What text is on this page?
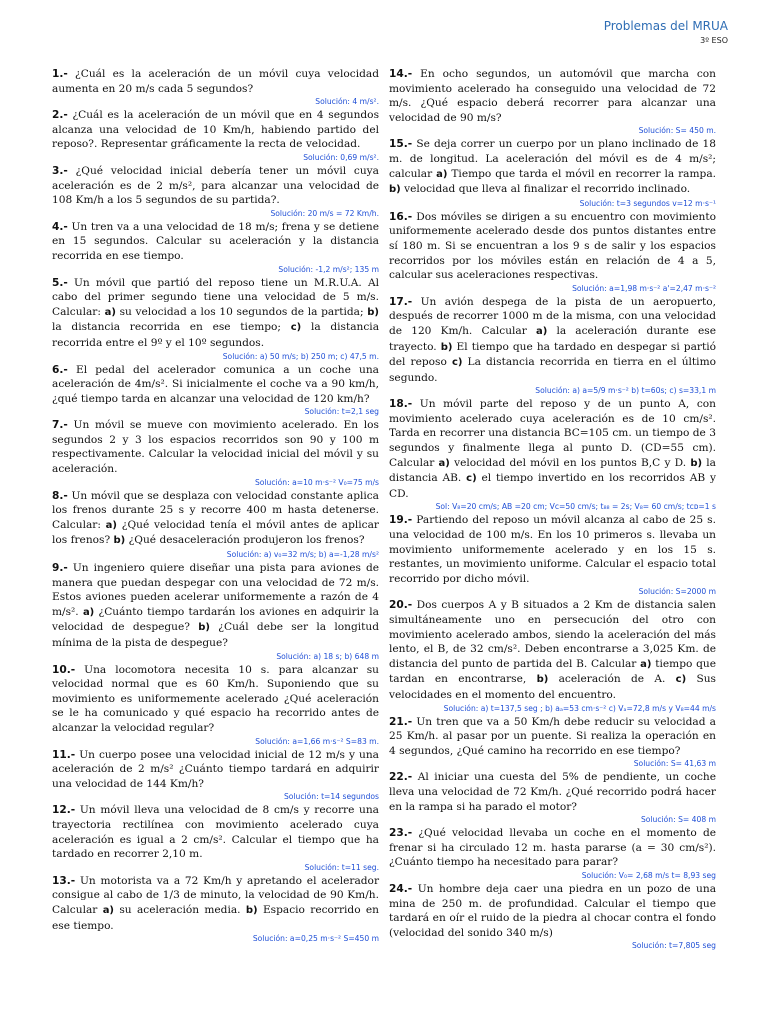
Problemas del MRUA
3º ESO

1.- ¿Cuál es la aceleración de un móvil cuya velocidad aumenta en 20 m/s cada 5 segundos?

Solución: 4 m/s².

2.- ¿Cuál es la aceleración de un móvil que en 4 segundos alcanza una velocidad de 10 Km/h, habiendo partido del reposo?. Representar gráficamente la recta de velocidad.

Solución: 0,69 m/s².

3.- ¿Qué velocidad inicial debería tener un móvil cuya aceleración es de 2 m/s², para alcanzar una velocidad de 108 Km/h a los 5 segundos de su partida?.

Solución: 20 m/s = 72 Km/h.

4.- Un tren va a una velocidad de 18 m/s; frena y se detiene en 15 segundos. Calcular su aceleración y la distancia recorrida en ese tiempo.

Solución: -1,2 m/s²; 135 m

5.- Un móvil que partió del reposo tiene un M.R.U.A. Al cabo del primer segundo tiene una velocidad de 5 m/s. Calcular: a) su velocidad a los 10 segundos de la partida; b) la distancia recorrida en ese tiempo; c) la distancia recorrida entre el 9º y el 10º segundos.

Solución: a) 50 m/s; b) 250 m; c) 47,5 m.

6.- El pedal del acelerador comunica a un coche una aceleración de 4m/s². Si inicialmente el coche va a 90 km/h, ¿qué tiempo tarda en alcanzar una velocidad de 120 km/h?

Solución: t=2,1 seg

7.- Un móvil se mueve con movimiento acelerado. En los segundos 2 y 3 los espacios recorridos son 90 y 100 m respectivamente. Calcular la velocidad inicial del móvil y su aceleración.

Solución: a=10 m·s⁻² V₀=75 m/s

8.- Un móvil que se desplaza con velocidad constante aplica los frenos durante 25 s y recorre 400 m hasta detenerse. Calcular: a) ¿Qué velocidad tenía el móvil antes de aplicar los frenos? b) ¿Qué desaceleración produjeron los frenos?

Solución: a) v₀=32 m/s; b) a=-1,28 m/s²

9.- Un ingeniero quiere diseñar una pista para aviones de manera que puedan despegar con una velocidad de 72 m/s. Estos aviones pueden acelerar uniformemente a razón de 4 m/s². a) ¿Cuánto tiempo tardarán los aviones en adquirir la velocidad de despegue? b) ¿Cuál debe ser la longitud mínima de la pista de despegue?

Solución: a) 18 s; b) 648 m

10.- Una locomotora necesita 10 s. para alcanzar su velocidad normal que es 60 Km/h. Suponiendo que su movimiento es uniformemente acelerado ¿Qué aceleración se le ha comunicado y qué espacio ha recorrido antes de alcanzar la velocidad regular?

Solución: a=1,66 m·s⁻² S=83 m.

11.- Un cuerpo posee una velocidad inicial de 12 m/s y una aceleración de 2 m/s² ¿Cuánto tiempo tardará en adquirir una velocidad de 144 Km/h?

Solución: t=14 segundos

12.- Un móvil lleva una velocidad de 8 cm/s y recorre una trayectoria rectilínea con movimiento acelerado cuya aceleración es igual a 2 cm/s². Calcular el tiempo que ha tardado en recorrer 2,10 m.

Solución: t=11 seg.

13.- Un motorista va a 72 Km/h y apretando el acelerador consigue al cabo de 1/3 de minuto, la velocidad de 90 Km/h. Calcular a) su aceleración media. b) Espacio recorrido en ese tiempo.

Solución: a=0,25 m·s⁻² S=450 m

14.- En ocho segundos, un automóvil que marcha con movimiento acelerado ha conseguido una velocidad de 72 m/s. ¿Qué espacio deberá recorrer para alcanzar una velocidad de 90 m/s?

Solución: S= 450 m.

15.- Se deja correr un cuerpo por un plano inclinado de 18 m. de longitud. La aceleración del móvil es de 4 m/s²; calcular a) Tiempo que tarda el móvil en recorrer la rampa. b) velocidad que lleva al finalizar el recorrido inclinado.

Solución: t=3 segundos v=12 m·s⁻¹

16.- Dos móviles se dirigen a su encuentro con movimiento uniformemente acelerado desde dos puntos distantes entre sí 180 m. Si se encuentran a los 9 s de salir y los espacios recorridos por los móviles están en relación de 4 a 5, calcular sus aceleraciones respectivas.

Solución: a=1,98 m·s⁻² a'=2,47 m·s⁻²

17.- Un avión despega de la pista de un aeropuerto, después de recorrer 1000 m de la misma, con una velocidad de 120 Km/h. Calcular a) la aceleración durante ese trayecto. b) El tiempo que ha tardado en despegar si partió del reposo c) La distancia recorrida en tierra en el último segundo.

Solución: a) a=5/9 m·s⁻² b) t=60s; c) s=33,1 m

18.- Un móvil parte del reposo y de un punto A, con movimiento acelerado cuya aceleración es de 10 cm/s². Tarda en recorrer una distancia BC=105 cm. un tiempo de 3 segundos y finalmente llega al punto D. (CD=55 cm). Calcular a) velocidad del móvil en los puntos B,C y D. b) la distancia AB. c) el tiempo invertido en los recorridos AB y CD.

Sol: V₈=20 cm/s; AB =20 cm; Vc=50 cm/s; t₈₈ = 2s; V₈= 60 cm/s; tᴄᴅ=1 s

19.- Partiendo del reposo un móvil alcanza al cabo de 25 s. una velocidad de 100 m/s. En los 10 primeros s. llevaba un movimiento uniformemente acelerado y en los 15 s. restantes, un movimiento uniforme. Calcular el espacio total recorrido por dicho móvil.

Solución: S=2000 m

20.- Dos cuerpos A y B situados a 2 Km de distancia salen simultáneamente uno en persecución del otro con movimiento acelerado ambos, siendo la aceleración del más lento, el B, de 32 cm/s². Deben encontrarse a 3,025 Km. de distancia del punto de partida del B. Calcular a) tiempo que tardan en encontrarse, b) aceleración de A. c) Sus velocidades en el momento del encuentro.

Solución: a) t=137,5 seg ; b) aₐ=53 cm·s⁻² c) Vₐ=72,8 m/s y V₈=44 m/s

21.- Un tren que va a 50 Km/h debe reducir su velocidad a 25 Km/h. al pasar por un puente. Si realiza la operación en 4 segundos, ¿Qué camino ha recorrido en ese tiempo?

Solución: S= 41,63 m

22.- Al iniciar una cuesta del 5% de pendiente, un coche lleva una velocidad de 72 Km/h. ¿Qué recorrido podrá hacer en la rampa si ha parado el motor?

Solución: S= 408 m

23.- ¿Qué velocidad llevaba un coche en el momento de frenar si ha circulado 12 m. hasta pararse (a = 30 cm/s²). ¿Cuánto tiempo ha necesitado para parar?

Solución: V₀= 2,68 m/s t= 8,93 seg

24.- Un hombre deja caer una piedra en un pozo de una mina de 250 m. de profundidad. Calcular el tiempo que tardará en oír el ruido de la piedra al chocar contra el fondo (velocidad del sonido 340 m/s)

Solución: t=7,805 seg
